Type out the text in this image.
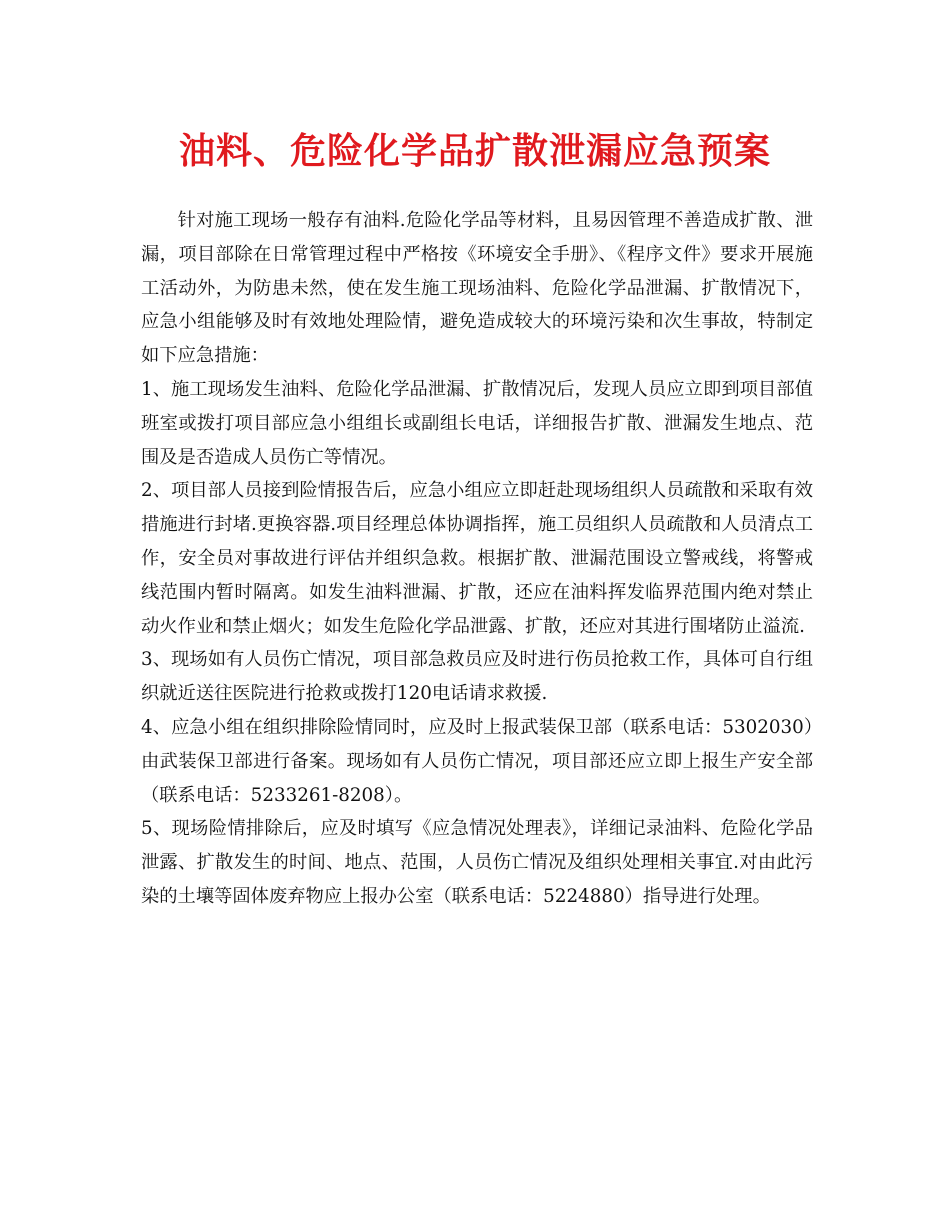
油料、危险化学品扩散泄漏应急预案

针对施工现场一般存有油料.危险化学品等材料，且易因管理不善造成扩散、泄漏，项目部除在日常管理过程中严格按《环境安全手册》、《程序文件》要求开展施工活动外，为防患未然，使在发生施工现场油料、危险化学品泄漏、扩散情况下，应急小组能够及时有效地处理险情，避免造成较大的环境污染和次生事故，特制定如下应急措施：

1、施工现场发生油料、危险化学品泄漏、扩散情况后，发现人员应立即到项目部值班室或拨打项目部应急小组组长或副组长电话，详细报告扩散、泄漏发生地点、范围及是否造成人员伤亡等情况。

2、项目部人员接到险情报告后，应急小组应立即赶赴现场组织人员疏散和采取有效措施进行封堵.更换容器.项目经理总体协调指挥，施工员组织人员疏散和人员清点工作，安全员对事故进行评估并组织急救。根据扩散、泄漏范围设立警戒线，将警戒线范围内暂时隔离。如发生油料泄漏、扩散，还应在油料挥发临界范围内绝对禁止动火作业和禁止烟火；如发生危险化学品泄露、扩散，还应对其进行围堵防止溢流.

3、现场如有人员伤亡情况，项目部急救员应及时进行伤员抢救工作，具体可自行组织就近送往医院进行抢救或拨打120电话请求救援.

4、应急小组在组织排除险情同时，应及时上报武装保卫部（联系电话：5302030）由武装保卫部进行备案。现场如有人员伤亡情况，项目部还应立即上报生产安全部（联系电话：5233261-8208）。

5、现场险情排除后，应及时填写《应急情况处理表》，详细记录油料、危险化学品泄露、扩散发生的时间、地点、范围，人员伤亡情况及组织处理相关事宜.对由此污染的土壤等固体废弃物应上报办公室（联系电话：5224880）指导进行处理。
